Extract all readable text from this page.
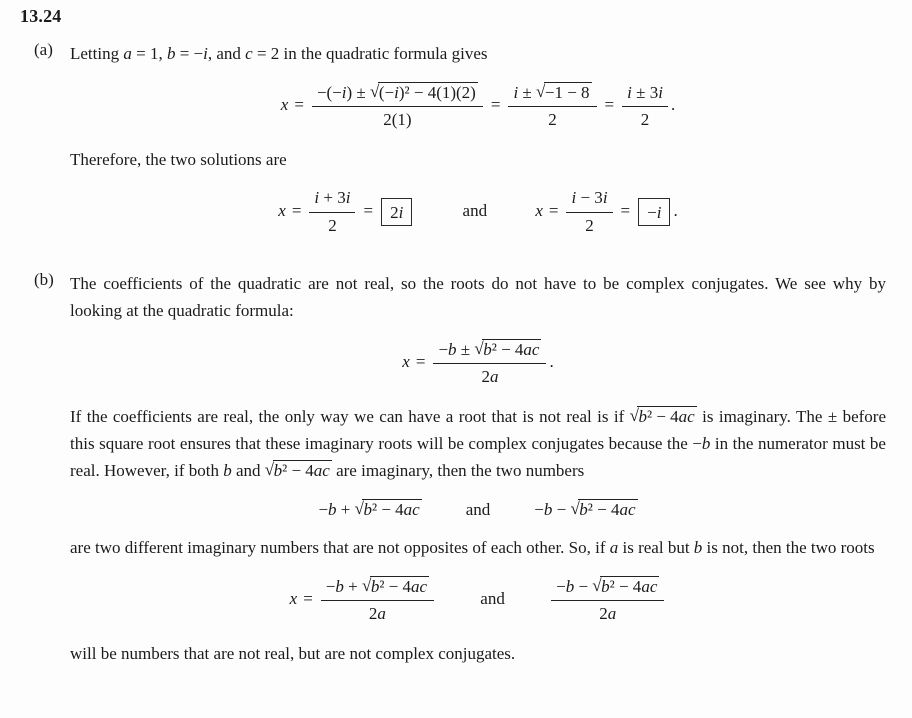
13.24
(a)	Letting a = 1, b = −i, and c = 2 in the quadratic formula gives

$x = \frac{\text{−(−i) ± √(−i)² − 4(1)(2)}}{2(1)} = \frac{i \pm √-1 - 8}{2} = \frac{i \pm 3i}{2}$ .

Therefore, the two solutions are

$x = \frac{i + 3i}{2} = 2i$	and	$x = \frac{i - 3i}{2} = -i$ .
(b) The coefficients of the quadratic are not real, so the roots do not have to be complex conjugates. We see why by looking at the quadratic formula:

$x = \frac{\text{−b ± √b² − 4ac}}{2a}$ .

If the coefficients are real, the only way we can have a root that is not real is if √b² − 4ac is imaginary. The ± before this square root ensures that these imaginary roots will be complex conjugates because the −b in the numerator must be real. However, if both b and √b² − 4ac are imaginary, then the two numbers

−b + √b² − 4ac	and	−b − √b² − 4ac

are two different imaginary numbers that are not opposites of each other. So, if a is real but b is not, then the two roots

$x = \frac{\text{−b + √b² − 4ac}}{2a}$	and	$\frac{\text{−b − √b² − 4ac}}{2a}$

will be numbers that are not real, but are not complex conjugates.
